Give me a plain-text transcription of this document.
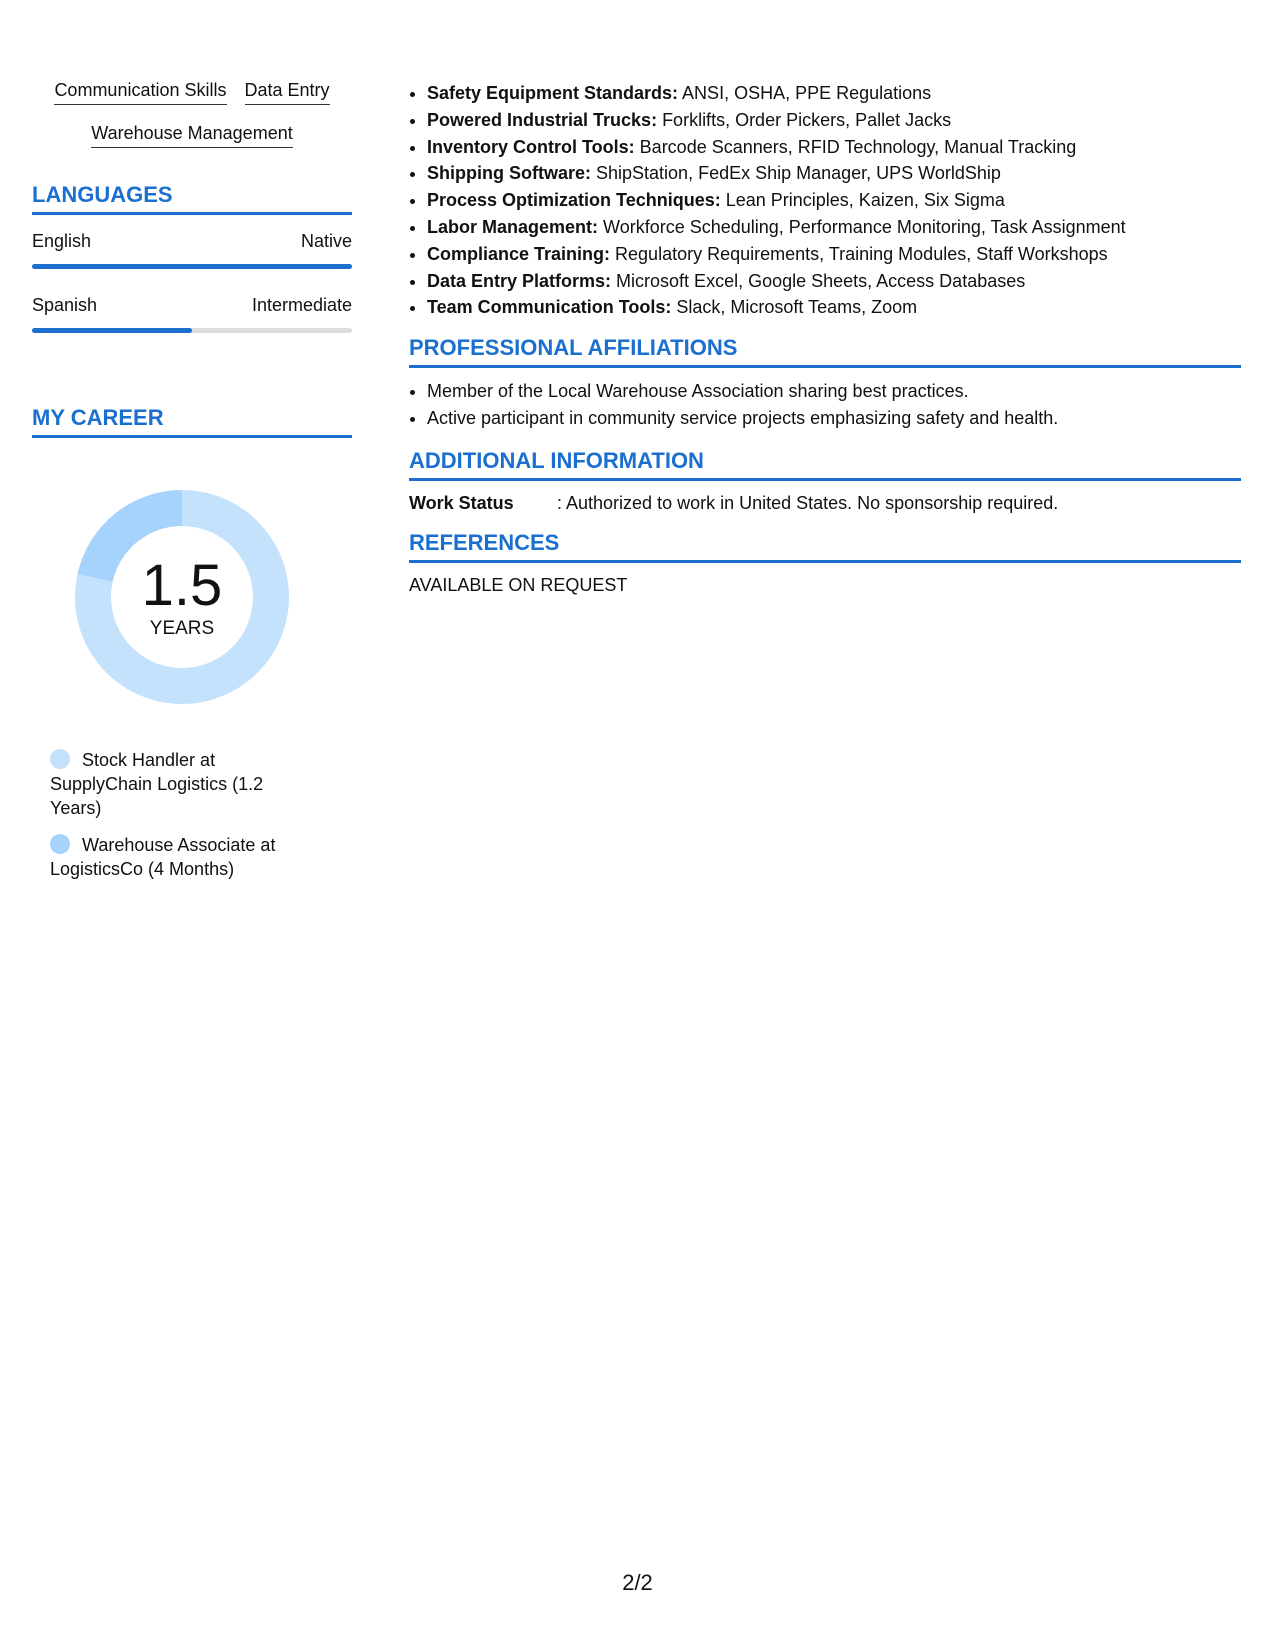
Communication Skills Data Entry
Warehouse Management
LANGUAGES
English	Native
Spanish	Intermediate
MY CAREER
1.5
YEARS
Stock Handler at SupplyChain Logistics (1.2 Years)
Warehouse Associate at LogisticsCo (4 Months)
• Safety Equipment Standards: ANSI, OSHA, PPE Regulations
• Powered Industrial Trucks: Forklifts, Order Pickers, Pallet Jacks
• Inventory Control Tools: Barcode Scanners, RFID Technology, Manual Tracking
• Shipping Software: ShipStation, FedEx Ship Manager, UPS WorldShip
• Process Optimization Techniques: Lean Principles, Kaizen, Six Sigma
• Labor Management: Workforce Scheduling, Performance Monitoring, Task Assignment
• Compliance Training: Regulatory Requirements, Training Modules, Staff Workshops
• Data Entry Platforms: Microsoft Excel, Google Sheets, Access Databases
• Team Communication Tools: Slack, Microsoft Teams, Zoom
PROFESSIONAL AFFILIATIONS
• Member of the Local Warehouse Association sharing best practices.
• Active participant in community service projects emphasizing safety and health.
ADDITIONAL INFORMATION
Work Status	: Authorized to work in United States. No sponsorship required.
REFERENCES
AVAILABLE ON REQUEST
2/2
